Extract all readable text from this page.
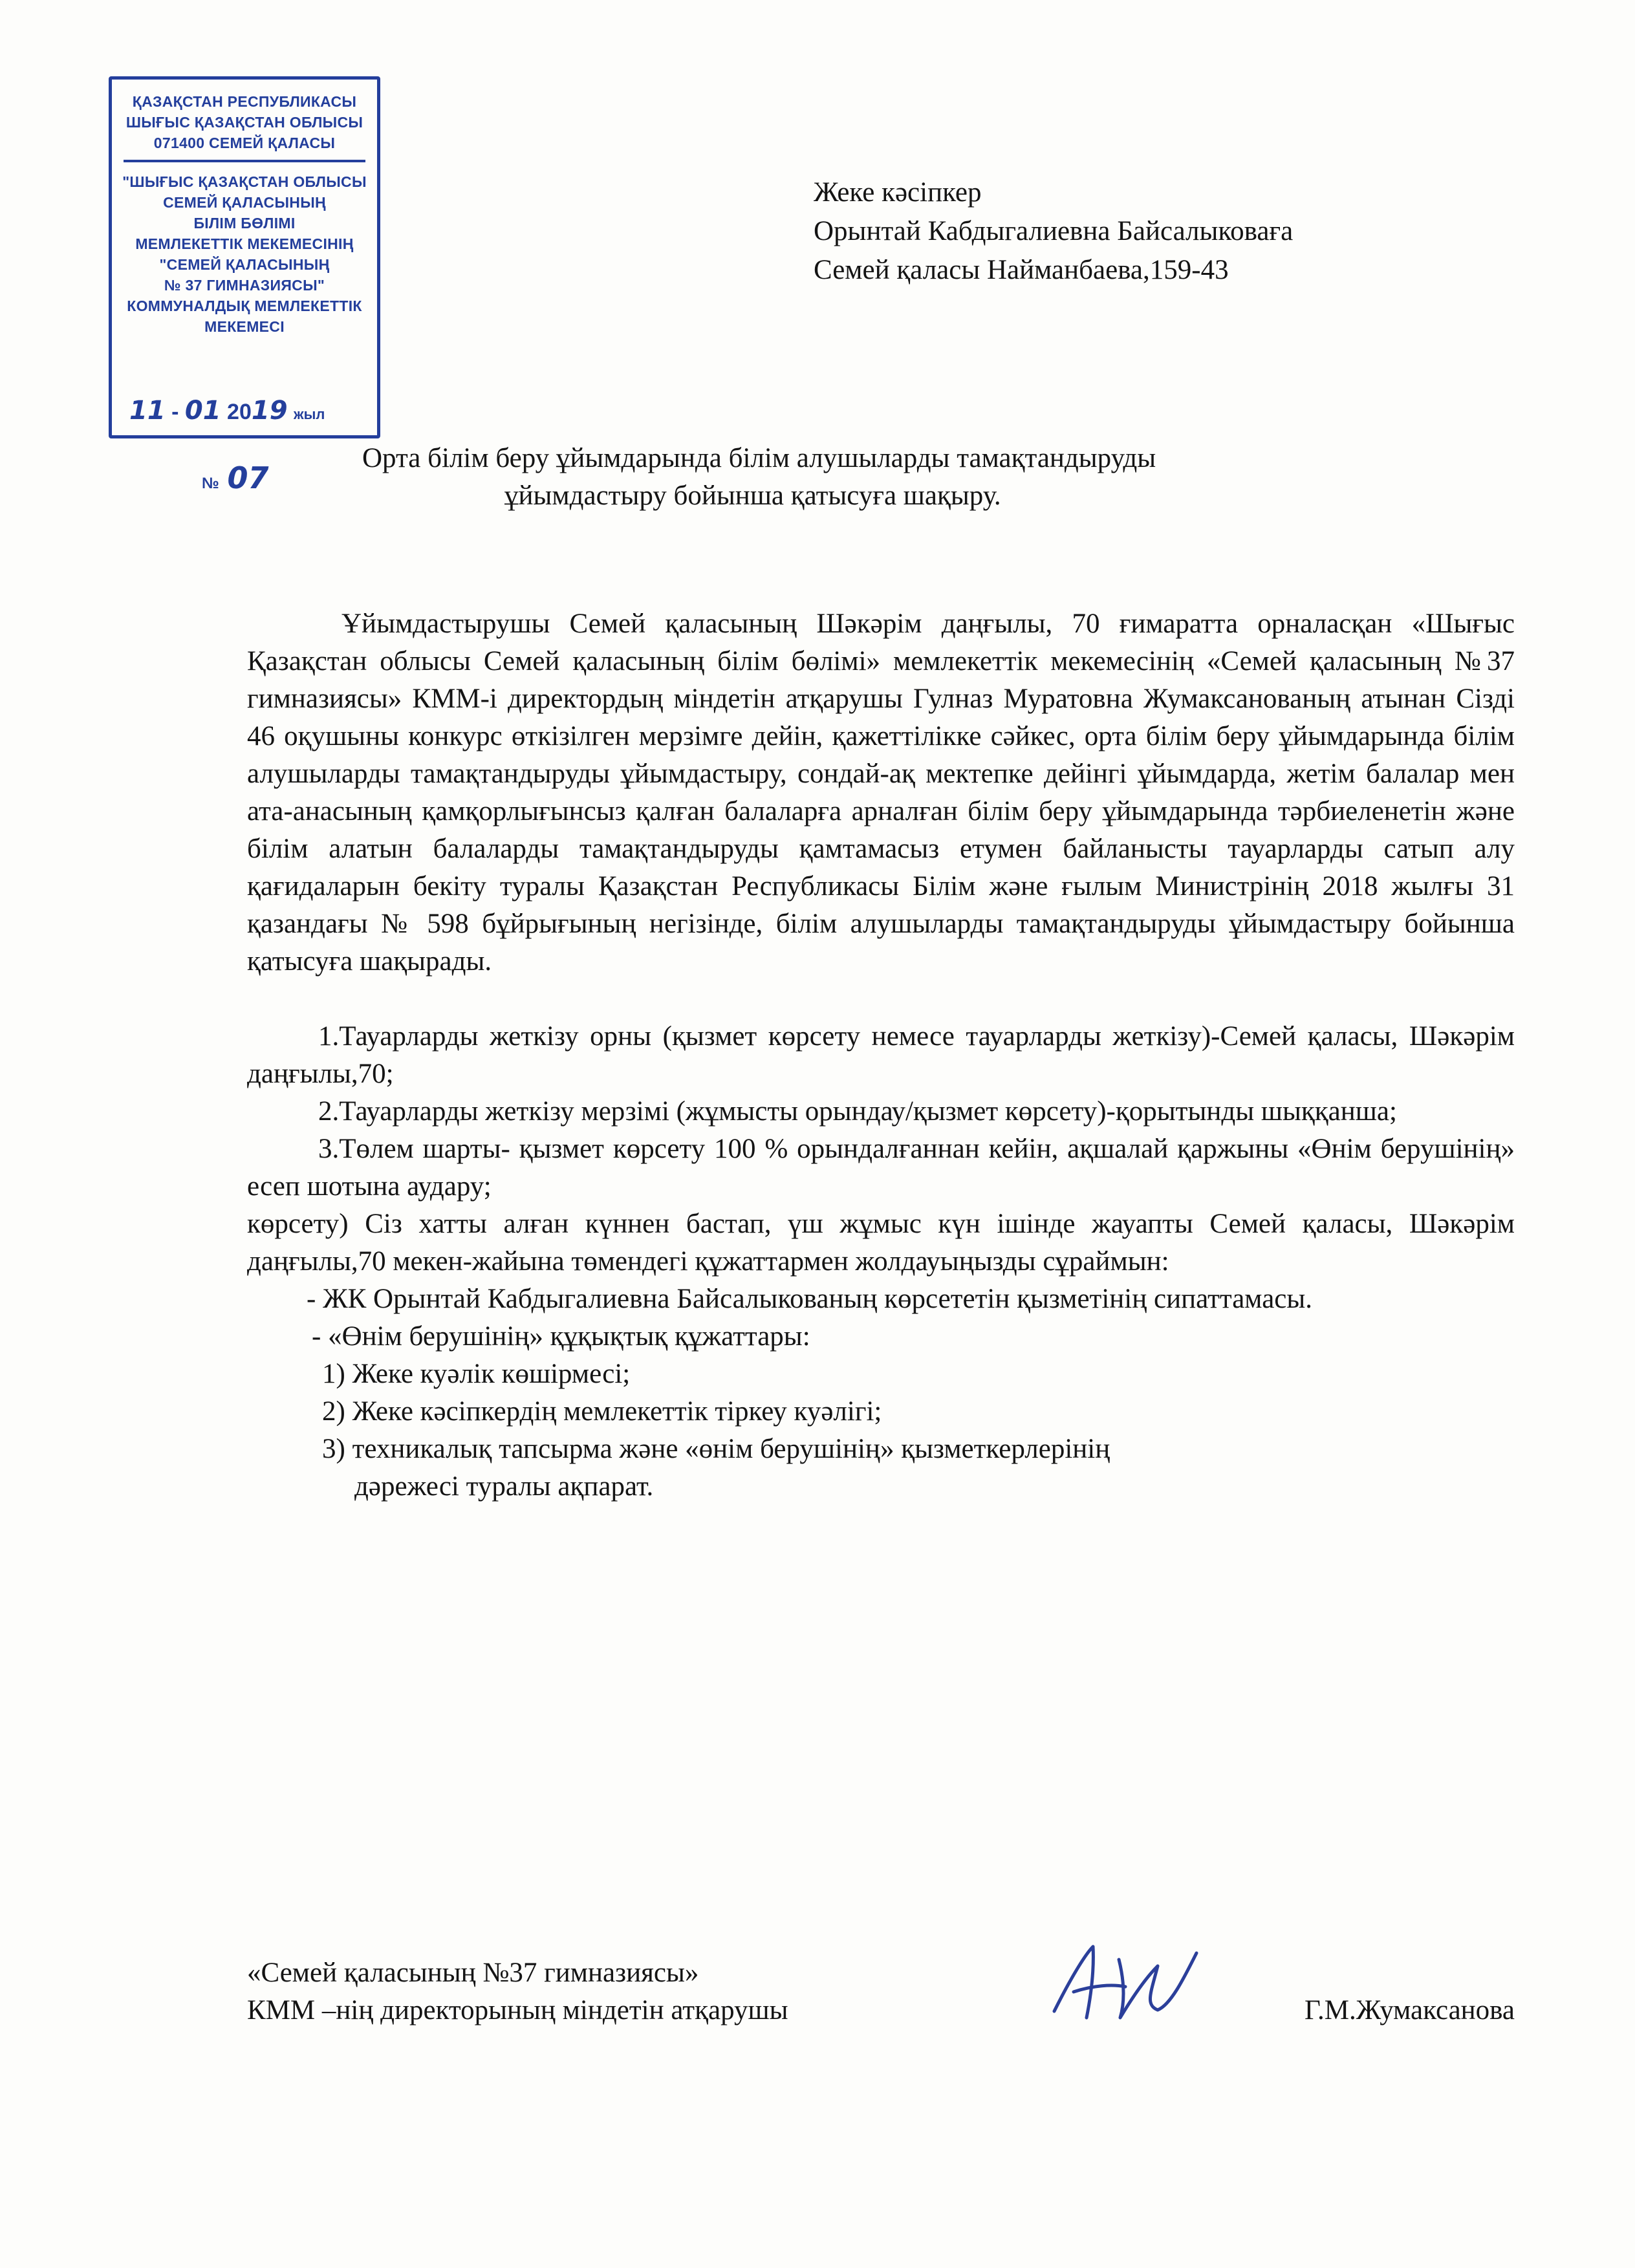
ҚАЗАҚСТАН РЕСПУБЛИКАСЫ
ШЫҒЫС ҚАЗАҚСТАН ОБЛЫСЫ
071400 СЕМЕЙ ҚАЛАСЫ
"ШЫҒЫС ҚАЗАҚСТАН ОБЛЫСЫ
СЕМЕЙ ҚАЛАСЫНЫҢ
БІЛІМ БӨЛІМІ
МЕМЛЕКЕТТІК МЕКЕМЕСІНІҢ
"СЕМЕЙ ҚАЛАСЫНЫҢ
№ 37 ГИМНАЗИЯСЫ"
КОММУНАЛДЫҚ МЕМЛЕКЕТТІК
МЕКЕМЕСІ
11 - 01 2019 жыл
№ 07
Жеке кәсіпкер
Орынтай Кабдыгалиевна Байсалыковаға
Семей қаласы Найманбаева,159-43
Орта білім беру ұйымдарында білім алушыларды тамақтандыруды
ұйымдастыру бойынша қатысуға шақыру.

Ұйымдастырушы Семей қаласының Шәкәрім даңғылы, 70 ғимаратта орналасқан «Шығыс Қазақстан облысы Семей қаласының білім бөлімі» мемлекеттік мекемесінің «Семей қаласының №37 гимназиясы» КММ-і директордың міндетін атқарушы Гулназ Муратовна Жумаксанованың атынан Сізді 46 оқушыны конкурс өткізілген мерзімге дейін, қажеттілікке сәйкес, орта білім беру ұйымдарында білім алушыларды тамақтандыруды ұйымдастыру, сондай-ақ мектепке дейінгі ұйымдарда, жетім балалар мен ата-анасының қамқорлығынсыз қалған балаларға арналған білім беру ұйымдарында тәрбиеленетін және білім алатын балаларды тамақтандыруды қамтамасыз етумен байланысты тауарларды сатып алу қағидаларын бекіту туралы Қазақстан Республикасы Білім және ғылым Министрінің 2018 жылғы 31 қазандағы № 598 бұйрығының негізінде, білім алушыларды тамақтандыруды ұйымдастыру бойынша қатысуға шақырады.

1.Тауарларды жеткізу орны (қызмет көрсету немесе тауарларды жеткізу)-Семей қаласы, Шәкәрім даңғылы,70;

2.Тауарларды жеткізу мерзімі (жұмысты орындау/қызмет көрсету)-қорытынды шыққанша;

3.Төлем шарты- қызмет көрсету 100 % орындалғаннан кейін, ақшалай қаржыны «Өнім берушінің» есеп шотына аудару;

көрсету) Сіз хатты алған күннен бастап, үш жұмыс күн ішінде жауапты Семей қаласы, Шәкәрім даңғылы,70 мекен-жайына төмендегі құжаттармен жолдауыңызды сұраймын:

- ЖК Орынтай Кабдыгалиевна Байсалыкованың көрсететін қызметінің сипаттамасы.

- «Өнім берушінің» құқықтық құжаттары:

1) Жеке куәлік көшірмесі;

2) Жеке кәсіпкердің мемлекеттік тіркеу куәлігі;

3) техникалық тапсырма және «өнім берушінің» қызметкерлерінің

дәрежесі туралы ақпарат.

«Семей қаласының №37 гимназиясы»
КММ –нің директорының міндетін атқарушы	Г.М.Жумаксанова
